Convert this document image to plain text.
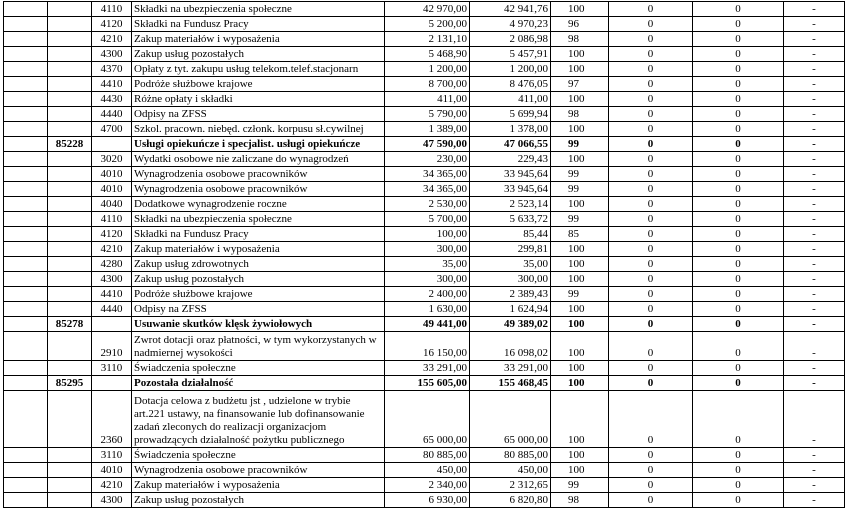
		4110	Składki na ubezpieczenia społeczne	42 970,00	42 941,76	100	0	0	-
		4120	Składki na Fundusz Pracy	5 200,00	4 970,23	96	0	0	-
		4210	Zakup materiałów i wyposażenia	2 131,10	2 086,98	98	0	0	-
		4300	Zakup usług pozostałych	5 468,90	5 457,91	100	0	0	-
		4370	Opłaty z tyt. zakupu usług telekom.telef.stacjonarn	1 200,00	1 200,00	100	0	0	-
		4410	Podróże służbowe krajowe	8 700,00	8 476,05	97	0	0	-
		4430	Różne opłaty i składki	411,00	411,00	100	0	0	-
		4440	Odpisy na ZFSS	5 790,00	5 699,94	98	0	0	-
		4700	Szkol. pracown. niebęd. członk. korpusu sł.cywilnej	1 389,00	1 378,00	100	0	0	-
	85228		Usługi opiekuńcze i specjalist. usługi opiekuńcze	47 590,00	47 066,55	99	0	0	-
		3020	Wydatki osobowe nie zaliczane do wynagrodzeń	230,00	229,43	100	0	0	-
		4010	Wynagrodzenia osobowe pracowników	34 365,00	33 945,64	99	0	0	-
		4010	Wynagrodzenia osobowe pracowników	34 365,00	33 945,64	99	0	0	-
		4040	Dodatkowe wynagrodzenie roczne	2 530,00	2 523,14	100	0	0	-
		4110	Składki na ubezpieczenia społeczne	5 700,00	5 633,72	99	0	0	-
		4120	Składki na Fundusz Pracy	100,00	85,44	85	0	0	-
		4210	Zakup materiałów i wyposażenia	300,00	299,81	100	0	0	-
		4280	Zakup usług zdrowotnych	35,00	35,00	100	0	0	-
		4300	Zakup usług pozostałych	300,00	300,00	100	0	0	-
		4410	Podróże służbowe krajowe	2 400,00	2 389,43	99	0	0	-
		4440	Odpisy na ZFSS	1 630,00	1 624,94	100	0	0	-
	85278		Usuwanie skutków klęsk żywiołowych	49 441,00	49 389,02	100	0	0	-
		2910	Zwrot dotacji oraz płatności, w tym wykorzystanych w nadmiernej wysokości	16 150,00	16 098,02	100	0	0	-
		3110	Świadczenia społeczne	33 291,00	33 291,00	100	0	0	-
	85295		Pozostała działalność	155 605,00	155 468,45	100	0	0	-
		2360	Dotacja celowa z budżetu jst , udzielone w trybie art.221 ustawy, na finansowanie lub dofinansowanie zadań zleconych do realizacji organizacjom prowadzących działalność pożytku publicznego	65 000,00	65 000,00	100	0	0	-
		3110	Świadczenia społeczne	80 885,00	80 885,00	100	0	0	-
		4010	Wynagrodzenia osobowe pracowników	450,00	450,00	100	0	0	-
		4210	Zakup materiałów i wyposażenia	2 340,00	2 312,65	99	0	0	-
		4300	Zakup usług pozostałych	6 930,00	6 820,80	98	0	0	-
